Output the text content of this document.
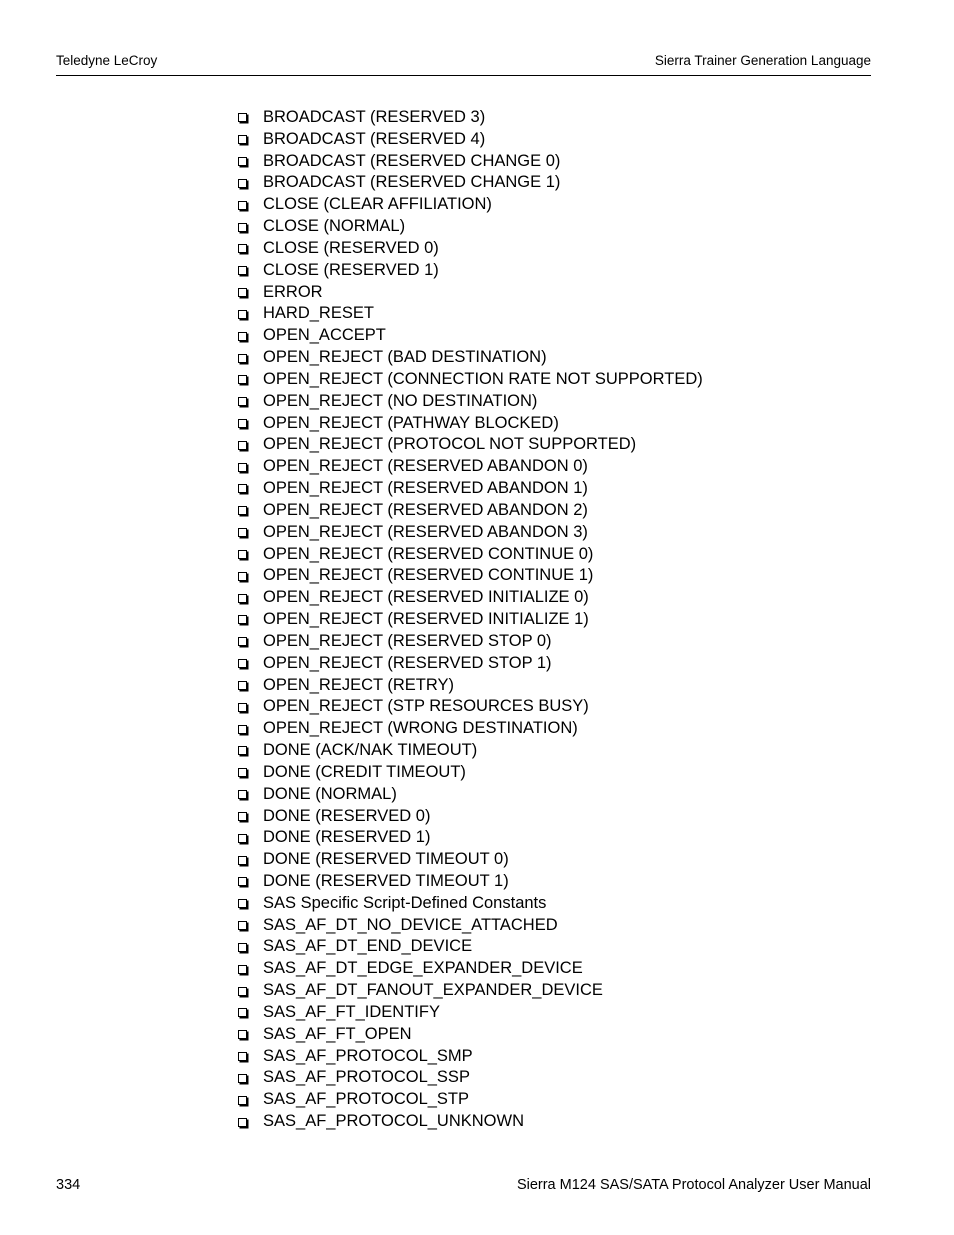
Teledyne LeCroy	Sierra Trainer Generation Language
BROADCAST (RESERVED 3)
BROADCAST (RESERVED 4)
BROADCAST (RESERVED CHANGE 0)
BROADCAST (RESERVED CHANGE 1)
CLOSE (CLEAR AFFILIATION)
CLOSE (NORMAL)
CLOSE (RESERVED 0)
CLOSE (RESERVED 1)
ERROR
HARD_RESET
OPEN_ACCEPT
OPEN_REJECT (BAD DESTINATION)
OPEN_REJECT (CONNECTION RATE NOT SUPPORTED)
OPEN_REJECT (NO DESTINATION)
OPEN_REJECT (PATHWAY BLOCKED)
OPEN_REJECT (PROTOCOL NOT SUPPORTED)
OPEN_REJECT (RESERVED ABANDON 0)
OPEN_REJECT (RESERVED ABANDON 1)
OPEN_REJECT (RESERVED ABANDON 2)
OPEN_REJECT (RESERVED ABANDON 3)
OPEN_REJECT (RESERVED CONTINUE 0)
OPEN_REJECT (RESERVED CONTINUE 1)
OPEN_REJECT (RESERVED INITIALIZE 0)
OPEN_REJECT (RESERVED INITIALIZE 1)
OPEN_REJECT (RESERVED STOP 0)
OPEN_REJECT (RESERVED STOP 1)
OPEN_REJECT (RETRY)
OPEN_REJECT (STP RESOURCES BUSY)
OPEN_REJECT (WRONG DESTINATION)
DONE (ACK/NAK TIMEOUT)
DONE (CREDIT TIMEOUT)
DONE (NORMAL)
DONE (RESERVED 0)
DONE (RESERVED 1)
DONE (RESERVED TIMEOUT 0)
DONE (RESERVED TIMEOUT 1)
SAS Specific Script-Defined Constants
SAS_AF_DT_NO_DEVICE_ATTACHED
SAS_AF_DT_END_DEVICE
SAS_AF_DT_EDGE_EXPANDER_DEVICE
SAS_AF_DT_FANOUT_EXPANDER_DEVICE
SAS_AF_FT_IDENTIFY
SAS_AF_FT_OPEN
SAS_AF_PROTOCOL_SMP
SAS_AF_PROTOCOL_SSP
SAS_AF_PROTOCOL_STP
SAS_AF_PROTOCOL_UNKNOWN
334	Sierra M124 SAS/SATA Protocol Analyzer User Manual
